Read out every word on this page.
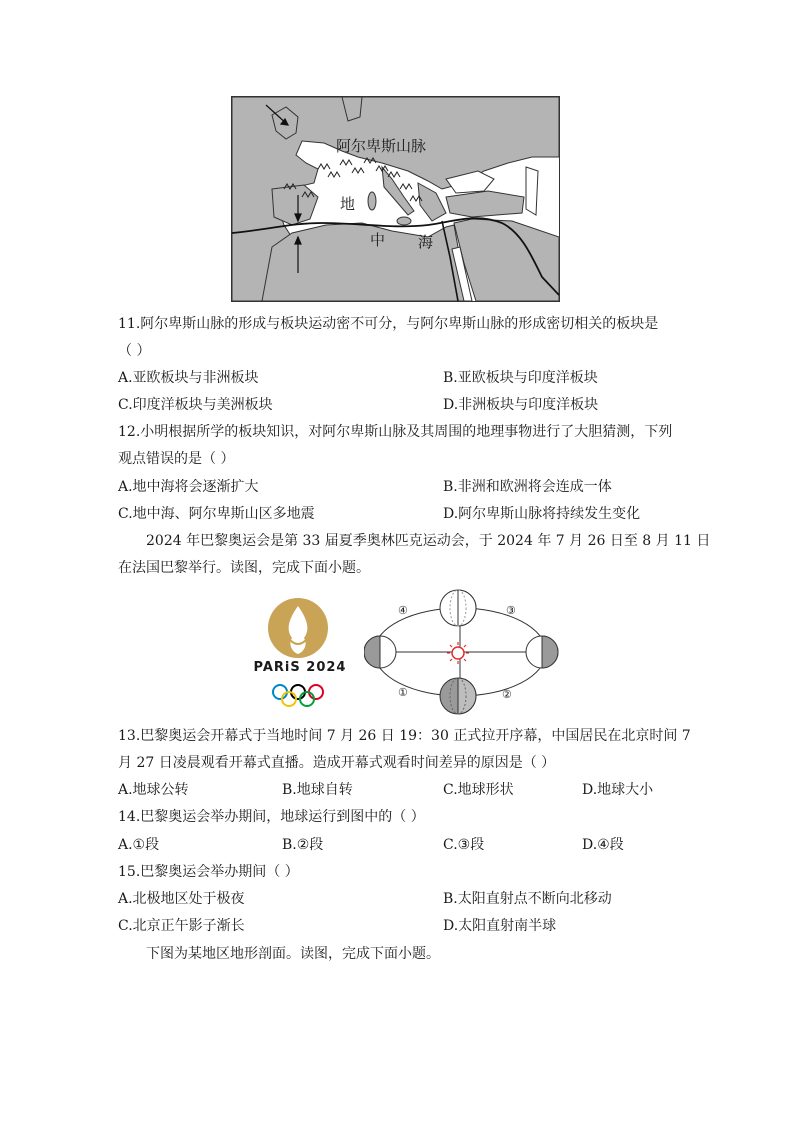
阿尔卑斯山脉
地
中 海
11.阿尔卑斯山脉的形成与板块运动密不可分，与阿尔卑斯山脉的形成密切相关的板块是
（ ）
A.亚欧板块与非洲板块	B.亚欧板块与印度洋板块
C.印度洋板块与美洲板块	D.非洲板块与印度洋板块
12.小明根据所学的板块知识，对阿尔卑斯山脉及其周围的地理事物进行了大胆猜测，下列
观点错误的是（ ）
A.地中海将会逐渐扩大	B.非洲和欧洲将会连成一体
C.地中海、阿尔卑斯山区多地震	D.阿尔卑斯山脉将持续发生变化
2024 年巴黎奥运会是第 33 届夏季奥林匹克运动会，于 2024 年 7 月 26 日至 8 月 11 日
在法国巴黎举行。读图，完成下面小题。
PARiS 2024
④	③
①	②
13.巴黎奥运会开幕式于当地时间 7 月 26 日 19：30 正式拉开序幕，中国居民在北京时间 7
月 27 日凌晨观看开幕式直播。造成开幕式观看时间差异的原因是（ ）
A.地球公转	B.地球自转	C.地球形状	D.地球大小
14.巴黎奥运会举办期间，地球运行到图中的（ ）
A.①段	B.②段	C.③段	D.④段
15.巴黎奥运会举办期间（ ）
A.北极地区处于极夜	B.太阳直射点不断向北移动
C.北京正午影子渐长	D.太阳直射南半球
下图为某地区地形剖面。读图，完成下面小题。
